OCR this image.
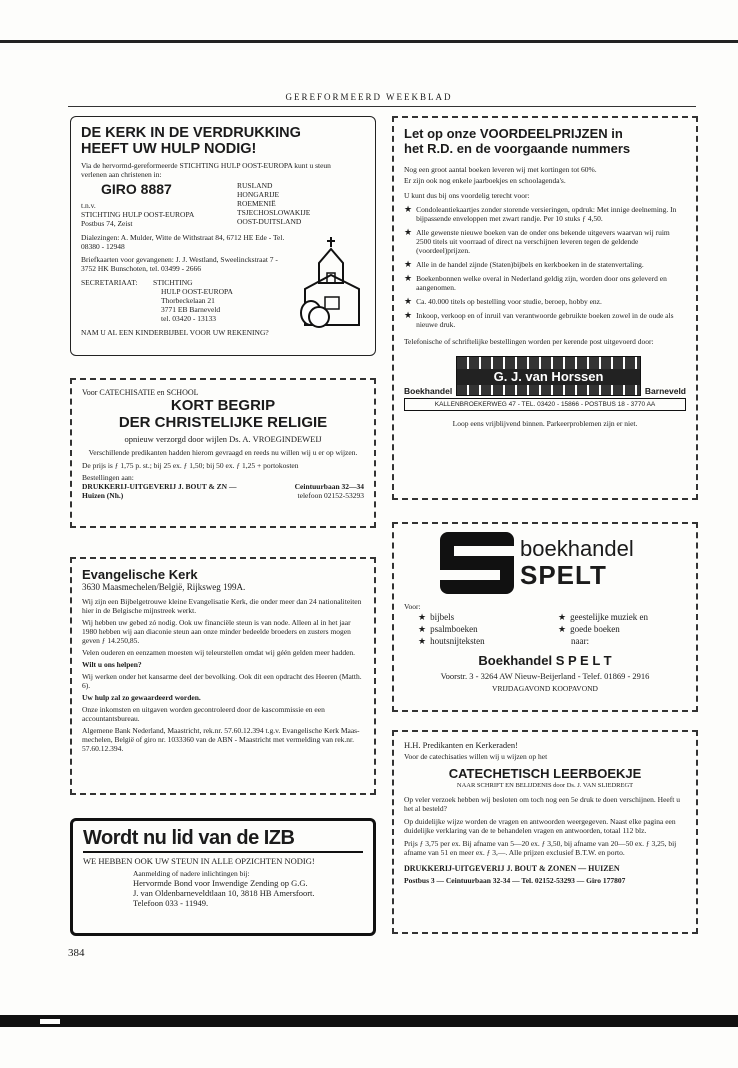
GEREFORMEERD WEEKBLAD

DE KERK IN DE VERDRUKKING

HEEFT UW HULP NODIG!

Via de hervormd-gereformeerde STICHTING HULP OOST-EUROPA kunt u steun verlenen aan christenen in:

GIRO 8887

t.n.v.

STICHTING HULP OOST-EUROPA

Postbus 74, Zeist

RUSLAND

HONGARIJE

ROEMENIË

TSJECHOSLOWAKIJE

OOST-DUITSLAND

Dialezingen: A. Mulder, Witte de Withstraat 84, 6712 HE Ede - Tel. 08380 - 12948

Briefkaarten voor gevangenen: J. J. Westland, Sweelinckstraat 7 - 3752 HK Bunschoten, tel. 03499 - 2666

SECRETARIAAT:	STICHTING

HULP OOST-EUROPA

Thorbeckelaan 21

3771 EB Barneveld

tel. 03420 - 13133

NAM U AL EEN KINDERBIJBEL VOOR UW REKENING?

Voor CATECHISATIE en SCHOOL

KORT BEGRIP

DER CHRISTELIJKE RELIGIE

opnieuw verzorgd door wijlen Ds. A. VROEGINDEWEIJ

Verschillende predikanten hadden hierom gevraagd en reeds nu willen wij u er op wijzen.

De prijs is ƒ 1,75 p. st.; bij 25 ex. ƒ 1,50; bij 50 ex. ƒ 1,25 + portokosten

Bestellingen aan:

DRUKKERIJ-UITGEVERIJ J. BOUT & ZN —

Huizen (Nh.)

Ceintuurbaan 32—34

telefoon 02152-53293

Evangelische Kerk

3630 Maasmechelen/België, Rijksweg 199A.

Wij zijn een Bijbelgetrouwe kleine Evangelisatie Kerk, die onder meer dan 24 nationaliteiten hier in de Belgische mijnstreek werkt.

Wij hebben uw gebed zó nodig. Ook uw financiële steun is van node. Alleen al in het jaar 1980 hebben wij aan diaconie steun aan onze minder bedeelde broeders en zusters mogen geven ƒ 14.250,85.

Velen ouderen en eenzamen moesten wij teleurstellen omdat wij géén gelden meer hadden.

Wilt u ons helpen?

Wij werken onder het kansarme deel der bevolking. Ook dit een opdracht des Heeren (Matth. 6).

Uw hulp zal zo gewaardeerd worden.

Onze inkomsten en uitgaven worden gecontroleerd door de kascommissie en een accountantsbureau.

Algemene Bank Nederland, Maastricht, rek.nr. 57.60.12.394 t.g.v. Evangelische Kerk Maas-mechelen, België of giro nr. 1033360 van de ABN - Maastricht met vermelding van rek.nr. 57.60.12.394.

Wordt nu lid van de IZB

WE HEBBEN OOK UW STEUN IN ALLE OPZICHTEN NODIG!

Aanmelding of nadere inlichtingen bij:

Hervormde Bond voor Inwendige Zending op G.G.

J. van Oldenbarneveldtlaan 10, 3818 HB Amersfoort.

Telefoon 033 - 11949.

Let op onze VOORDEELPRIJZEN in

het R.D. en de voorgaande nummers

Nog een groot aantal boeken leveren wij met kortingen tot 60%.

Er zijn ook nog enkele jaarboekjes en schoolagenda's.

U kunt dus bij ons voordelig terecht voor:

★ Condoleantiekaartjes zonder storende versieringen, opdruk: Met innige deelneming. In bijpassende enveloppen met zwart randje. Per 10 stuks ƒ 4,50.
★ Alle gewenste nieuwe boeken van de onder ons bekende uitgevers waarvan wij ruim 2500 titels uit voorraad of direct na verschijnen leveren tegen de geldende (voordeel)prijzen.
★ Alle in de handel zijnde (Staten)bijbels en kerkboeken in de statenvertaling.
★ Boekenbonnen welke overal in Nederland geldig zijn, worden door ons geleverd en aangenomen.
★ Ca. 40.000 titels op bestelling voor studie, beroep, hobby enz.
★ Inkoop, verkoop en of inruil van verantwoorde gebruikte boeken zowel in de oude als nieuwe druk.

Telefonische of schriftelijke bestellingen worden per kerende post uitgevoerd door:

Boekhandel
G. J. van Horssen
Barneveld

KALLENBROEKERWEG 47 - TEL. 03420 - 15866 - POSTBUS 18 - 3770 AA

Loop eens vrijblijvend binnen. Parkeerproblemen zijn er niet.

boekhandel

SPELT

Voor:

★ bijbels

★ psalmboeken

★ houtsnijteksten

★ geestelijke muziek en

★ goede boeken

naar:

Boekhandel S P E L T

Voorstr. 3 - 3264 AW Nieuw-Beijerland - Telef. 01869 - 2916

VRIJDAGAVOND KOOPAVOND

H.H. Predikanten en Kerkeraden!

Voor de catechisaties willen wij u wijzen op het

CATECHETISCH LEERBOEKJE

NAAR SCHRIFT EN BELIJDENIS door Ds. J. VAN SLIEDREGT

Op veler verzoek hebben wij besloten om toch nog een 5e druk te doen verschijnen. Heeft u het al besteld?

Op duidelijke wijze worden de vragen en antwoorden weergegeven. Naast elke pagina een duidelijke verklaring van de te behandelen vragen en antwoorden, totaal 112 blz.

Prijs ƒ 3,75 per ex. Bij afname van 5—20 ex. ƒ 3,50, bij afname van 20—50 ex. ƒ 3,25, bij afname van 51 en meer ex. ƒ 3,—. Alle prijzen exclusief B.T.W. en porto.

DRUKKERIJ-UITGEVERIJ J. BOUT & ZONEN — HUIZEN

Postbus 3 — Ceintuurbaan 32-34 — Tel. 02152-53293 — Giro 177807

384
